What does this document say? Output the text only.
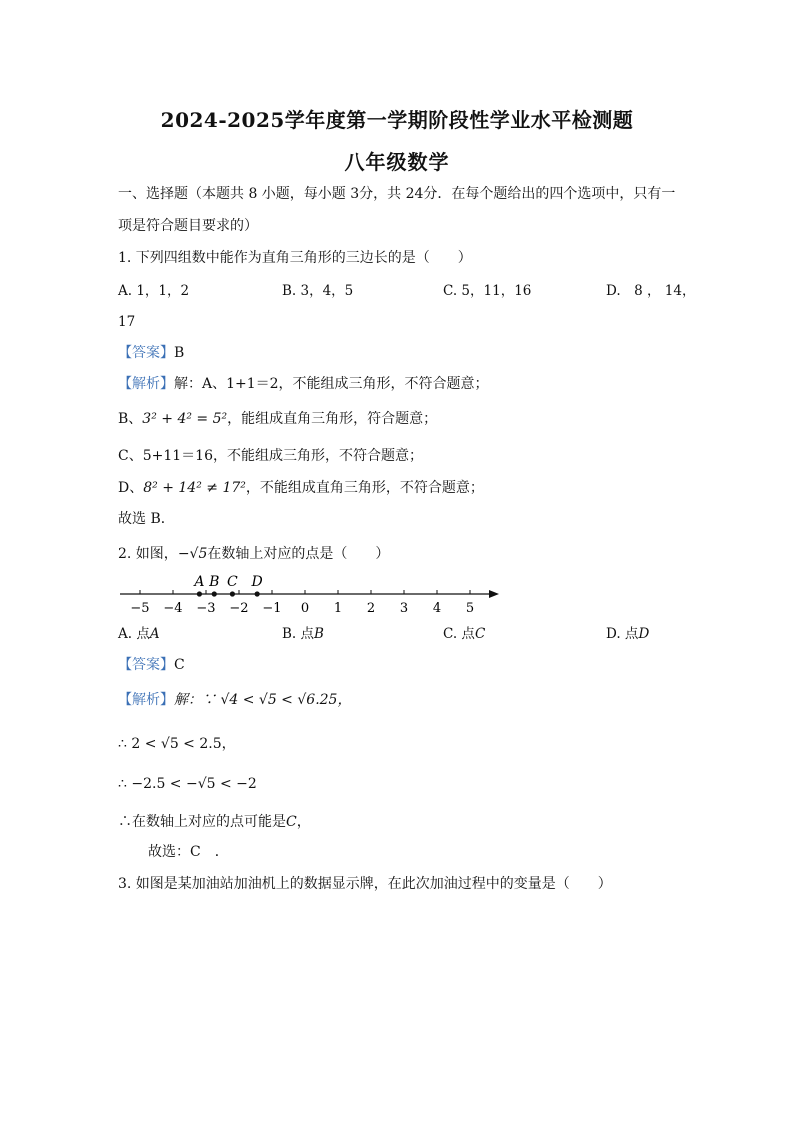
2024-2025学年度第一学期阶段性学业水平检测题
八年级数学
一、选择题（本题共 8 小题，每小题 3分，共 24分．在每个题给出的四个选项中，只有一
项是符合题目要求的）
1. 下列四组数中能作为直角三角形的三边长的是（　　）
A. 1，1，2	B. 3，4，5	C. 5，11，16	D.　8 ， 14，
17
【答案】B
【解析】解：A、1+1＝2，不能组成三角形，不符合题意；
B、3² + 4² = 5²，能组成直角三角形，符合题意；
C、5+11＝16，不能组成三角形，不符合题意；
D、8² + 14² ≠ 17²，不能组成直角三角形，不符合题意；
故选 B．
2. 如图，−√5在数轴上对应的点是（　　）
−5 −4 −3 −2 −1 0 1 2 3 4 5
A B C D
A. 点A	B. 点B	C. 点C	D. 点D
【答案】C
【解析】解：∵ √4 < √5 < √6.25，
∴ 2 < √5 < 2.5，
∴ −2.5 < −√5 < −2
∴在数轴上对应的点可能是C，
故选：C　．
3. 如图是某加油站加油机上的数据显示牌，在此次加油过程中的变量是（　　）
